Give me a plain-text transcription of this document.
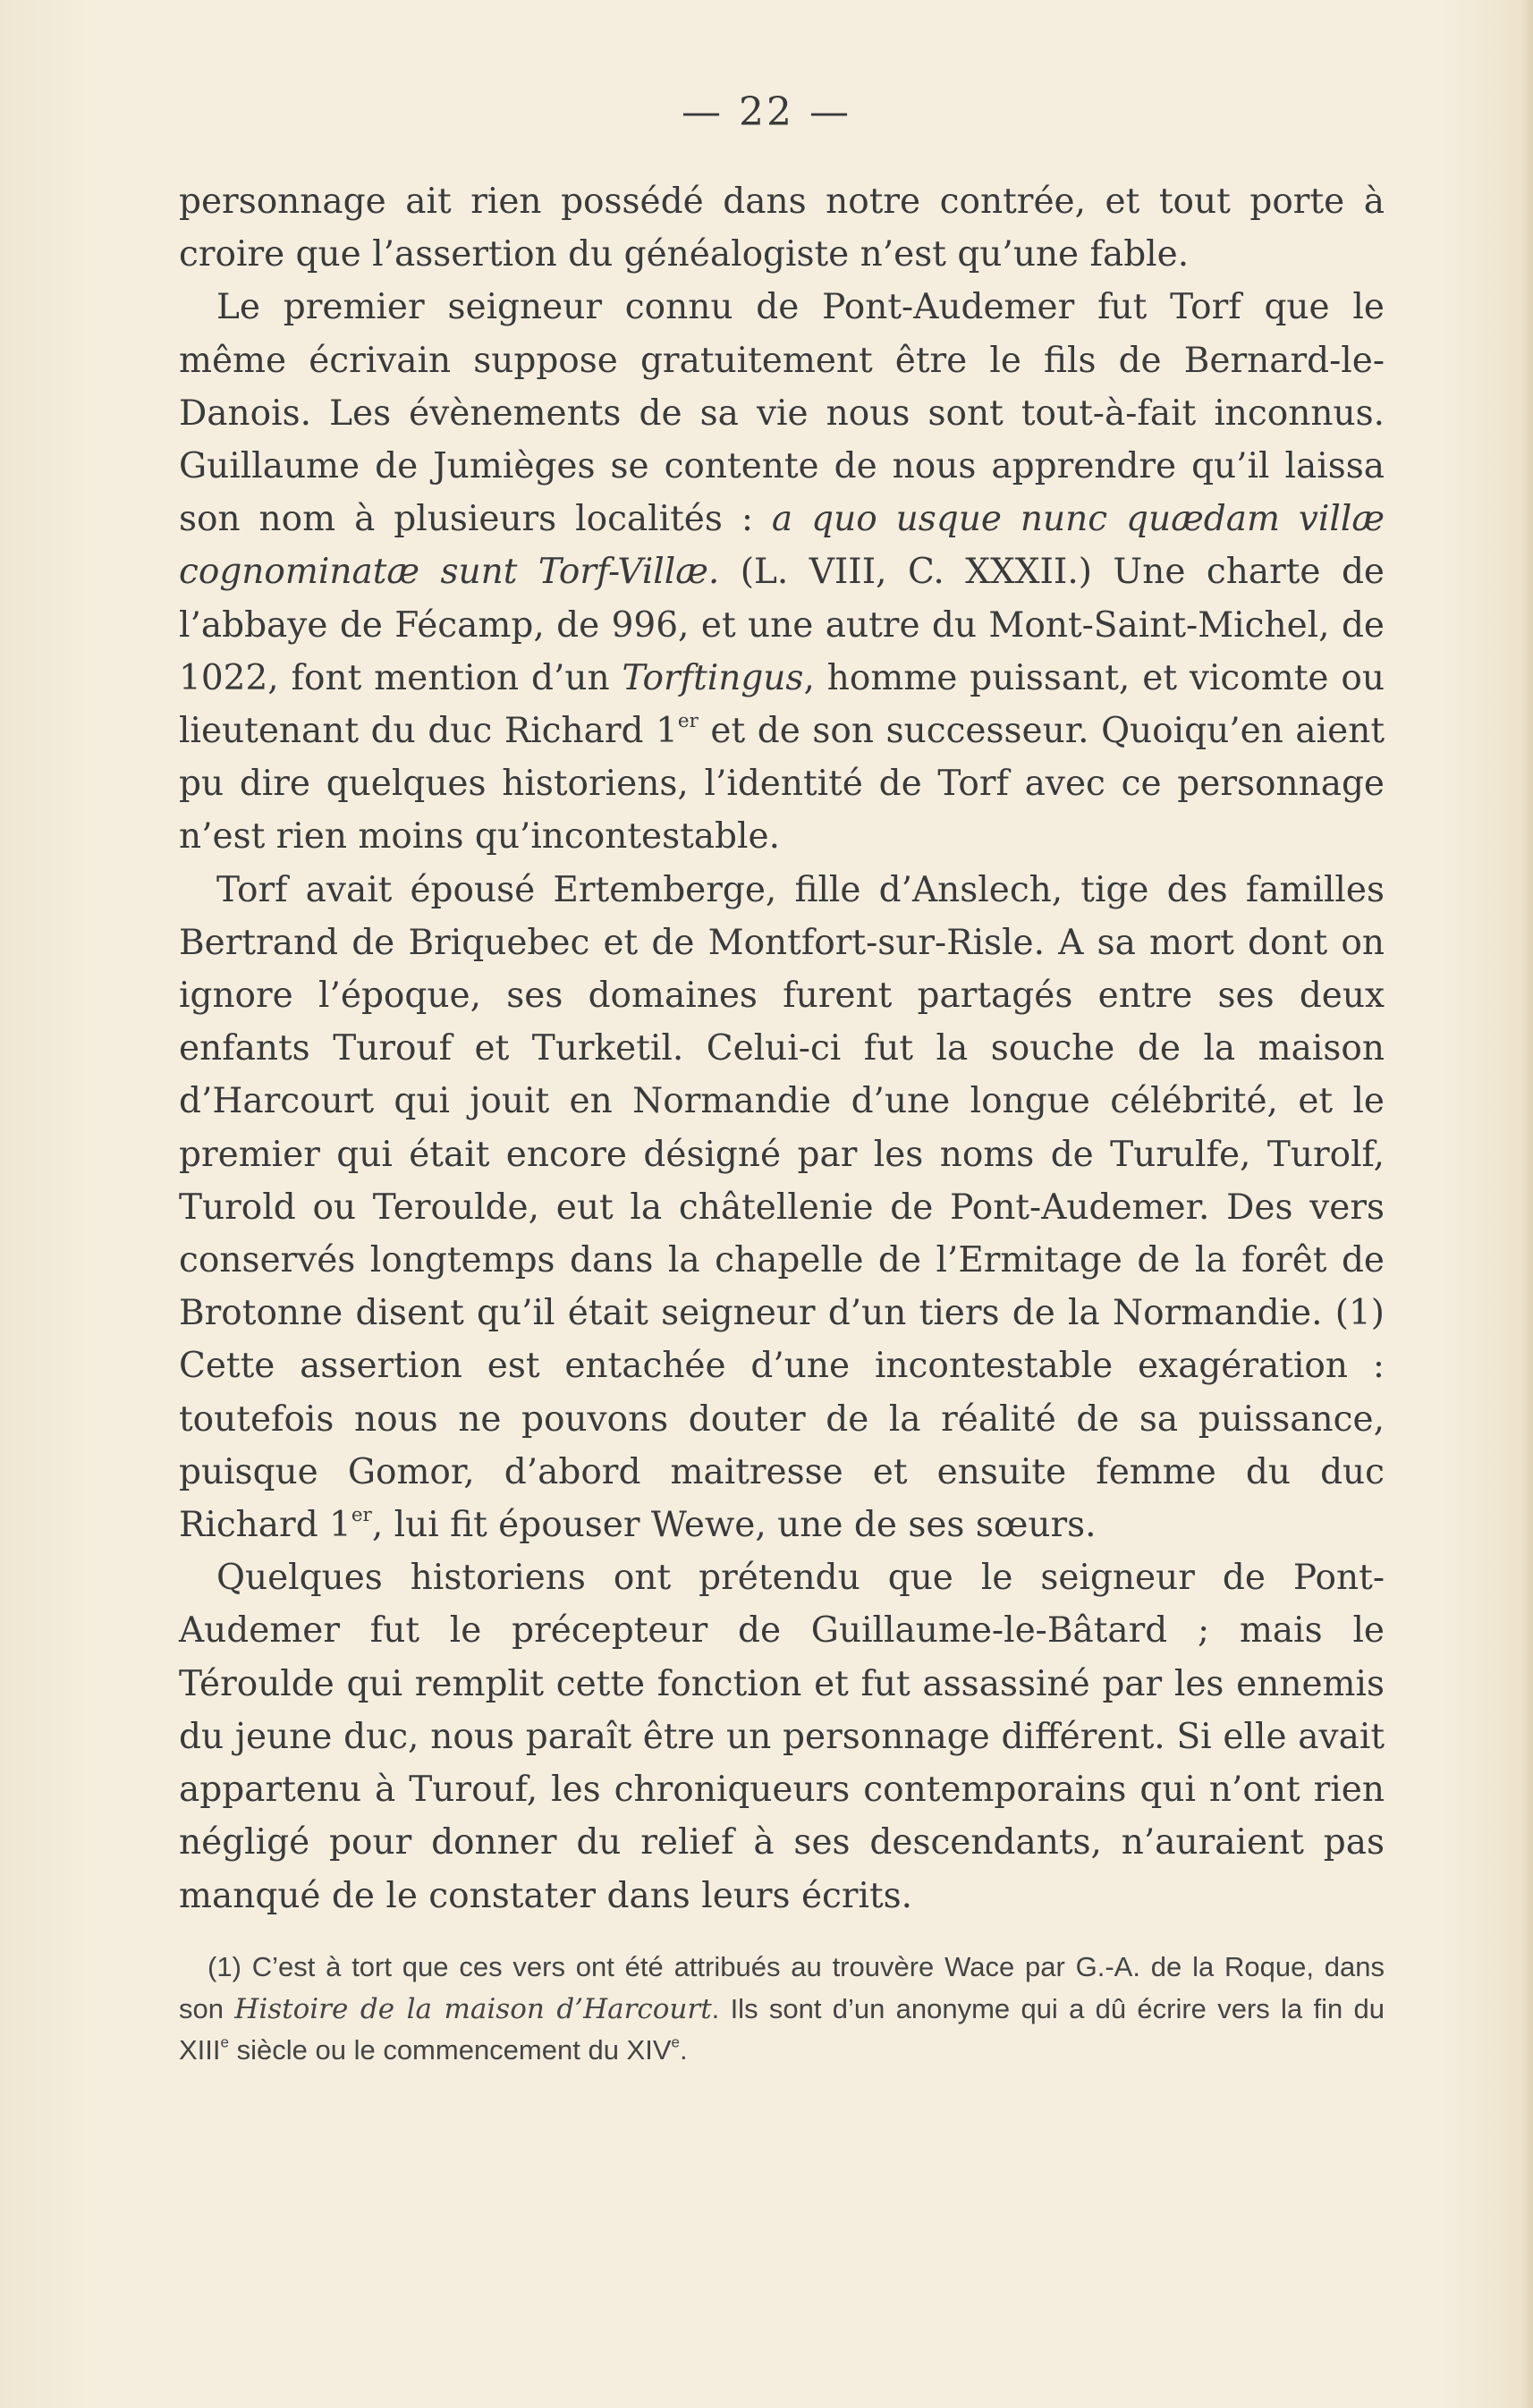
— 22 —

personnage ait rien possédé dans notre contrée, et tout porte à croire que l’assertion du généalogiste n’est qu’une fable.

Le premier seigneur connu de Pont-Audemer fut Torf que le même écrivain suppose gratuitement être le fils de Bernard-le-Danois. Les évènements de sa vie nous sont tout-à-fait inconnus. Guillaume de Jumièges se contente de nous apprendre qu’il laissa son nom à plusieurs localités : a quo usque nunc quædam villæ cognominatæ sunt Torf-Villæ. (L. VIII, C. XXXII.) Une charte de l’abbaye de Fécamp, de 996, et une autre du Mont-Saint-Michel, de 1022, font mention d’un Torftingus, homme puissant, et vicomte ou lieutenant du duc Richard 1er et de son successeur. Quoiqu’en aient pu dire quelques historiens, l’identité de Torf avec ce personnage n’est rien moins qu’incontestable.

Torf avait épousé Ertemberge, fille d’Anslech, tige des familles Bertrand de Briquebec et de Montfort-sur-Risle. A sa mort dont on ignore l’époque, ses domaines furent partagés entre ses deux enfants Turouf et Turketil. Celui-ci fut la souche de la maison d’Harcourt qui jouit en Normandie d’une longue célébrité, et le premier qui était encore désigné par les noms de Turulfe, Turolf, Turold ou Teroulde, eut la châtellenie de Pont-Audemer. Des vers conservés longtemps dans la chapelle de l’Ermitage de la forêt de Brotonne disent qu’il était seigneur d’un tiers de la Normandie. (1) Cette assertion est entachée d’une incontestable exagération : toutefois nous ne pouvons douter de la réalité de sa puissance, puisque Gomor, d’abord maitresse et ensuite femme du duc Richard 1er, lui fit épouser Wewe, une de ses sœurs.

Quelques historiens ont prétendu que le seigneur de Pont-Audemer fut le précepteur de Guillaume-le-Bâtard ; mais le Téroulde qui remplit cette fonction et fut assassiné par les ennemis du jeune duc, nous paraît être un personnage différent. Si elle avait appartenu à Turouf, les chroniqueurs contemporains qui n’ont rien négligé pour donner du relief à ses descendants, n’auraient pas manqué de le constater dans leurs écrits.

(1) C’est à tort que ces vers ont été attribués au trouvère Wace par G.-A. de la Roque, dans son Histoire de la maison d’Harcourt. Ils sont d’un anonyme qui a dû écrire vers la fin du XIIIe siècle ou le commencement du XIVe.
